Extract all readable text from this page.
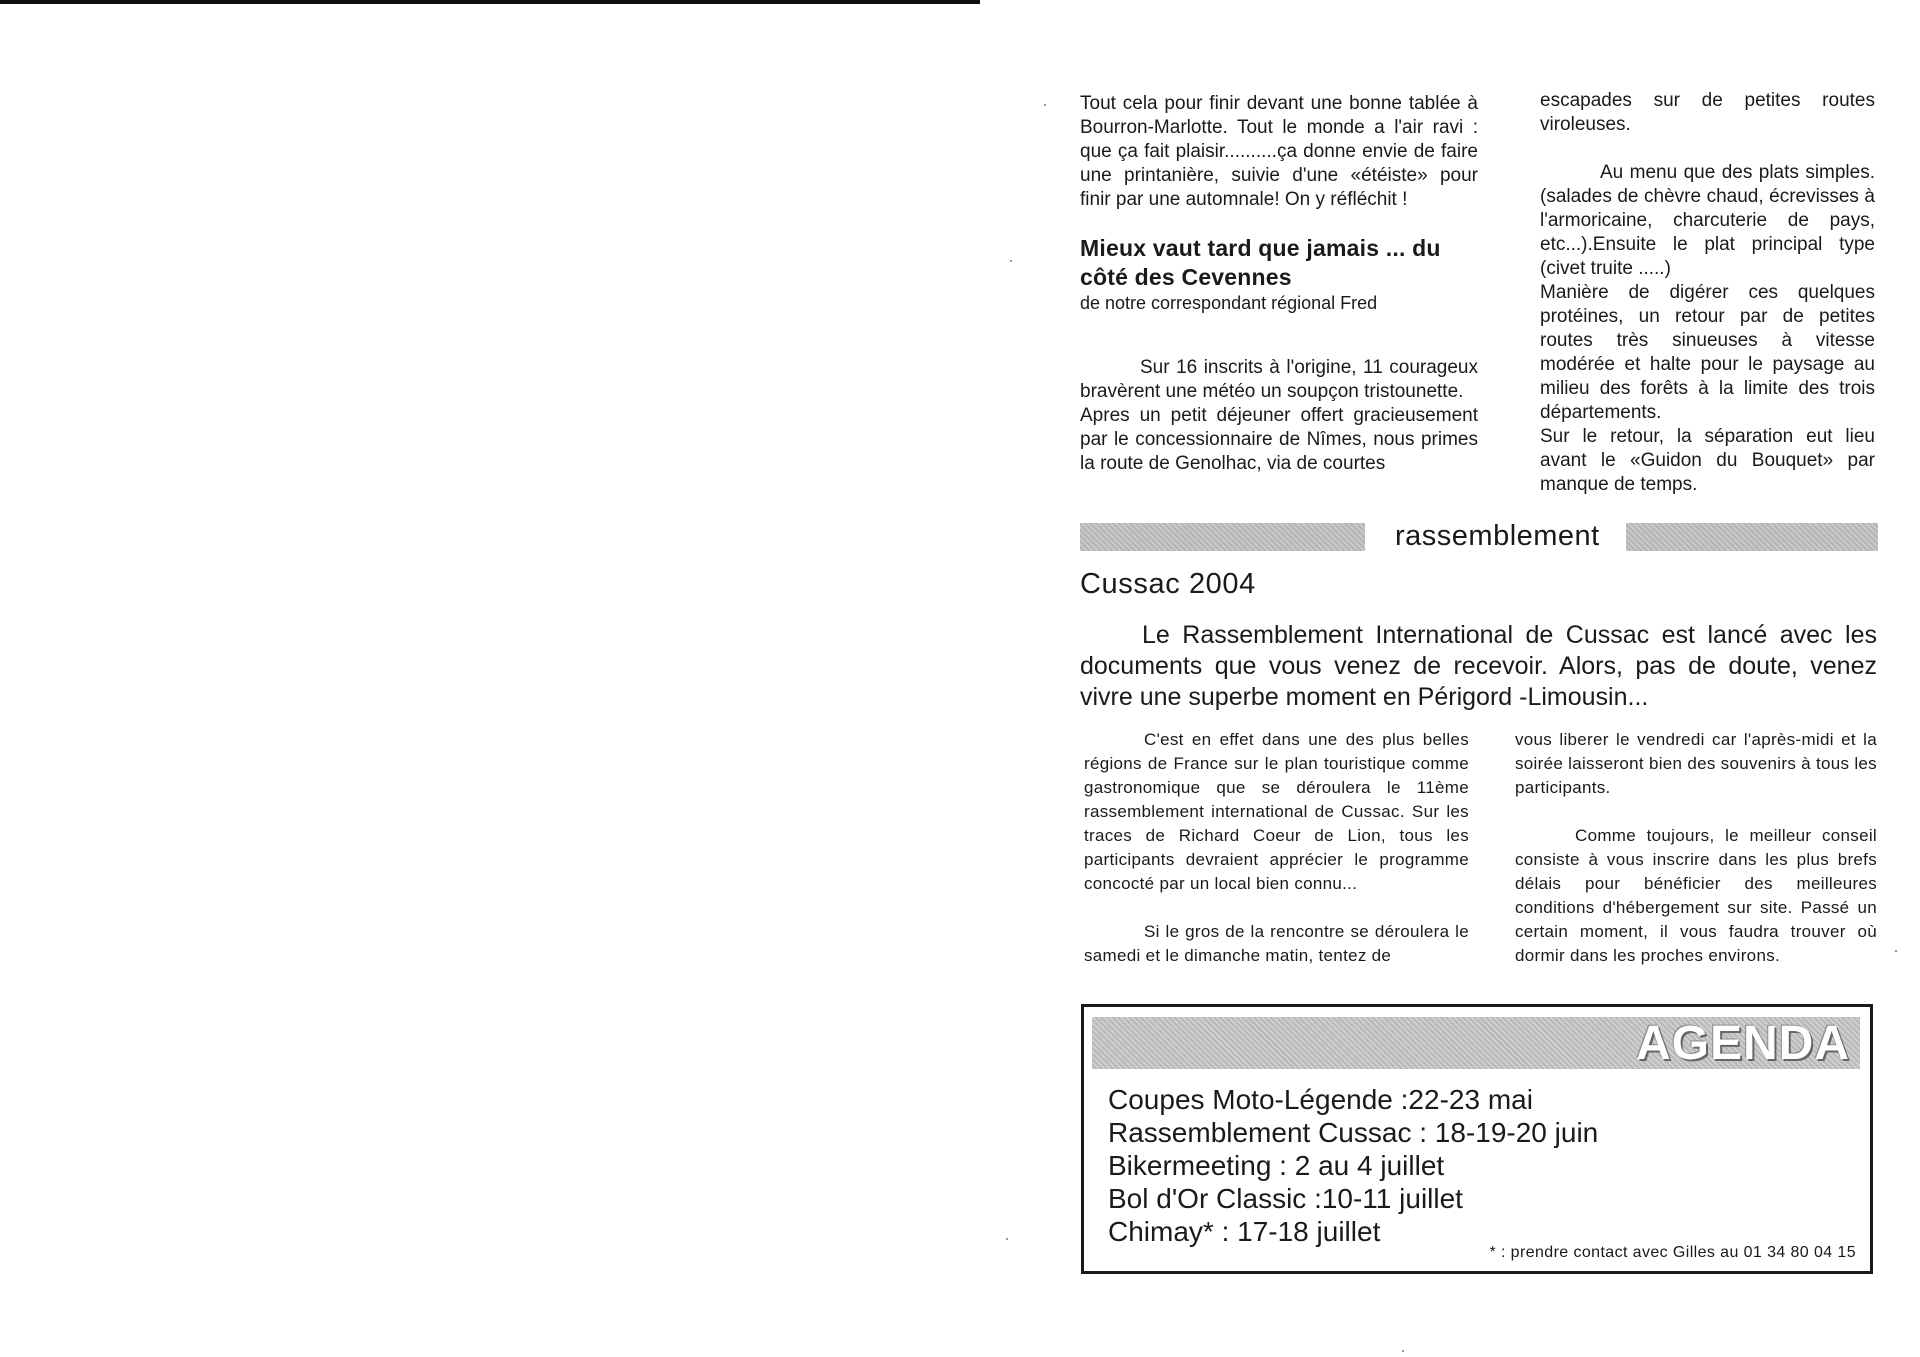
Tout cela pour finir devant une bonne tablée à Bourron-Marlotte. Tout le monde a l'air ravi : que ça fait plaisir..........ça donne envie de faire une printanière, suivie d'une «étéiste» pour finir par une automnale! On y réfléchit !

Mieux vaut tard que jamais ... du côté des Cevennes
de notre correspondant régional Fred

Sur 16 inscrits à l'origine, 11 courageux bravèrent une météo un soupçon tristounette.

Apres un petit déjeuner offert gracieusement par le concessionnaire de Nîmes, nous primes la route de Genolhac, via de courtes

escapades sur de petites routes viroleuses.

Au menu que des plats simples.(salades de chèvre chaud, écrevisses à l'armoricaine, charcuterie de pays, etc...).Ensuite le plat principal type (civet truite .....)

Manière de digérer ces quelques protéines, un retour par de petites routes très sinueuses à vitesse modérée et halte pour le paysage au milieu des forêts à la limite des trois départements.

Sur le retour, la séparation eut lieu avant le «Guidon du Bouquet» par manque de temps.

rassemblement
Cussac 2004

Le Rassemblement International de Cussac est lancé avec les documents que vous venez de recevoir. Alors, pas de doute, venez vivre une superbe moment en Périgord -Limousin...

C'est en effet dans une des plus belles régions de France sur le plan touristique comme gastronomique que se déroulera le 11ème rassemblement international de Cussac. Sur les traces de Richard Coeur de Lion, tous les participants devraient apprécier le programme concocté par un local bien connu...

Si le gros de la rencontre se déroulera le samedi et le dimanche matin, tentez de

vous liberer le vendredi car l'après-midi et la soirée laisseront bien des souvenirs à tous les participants.

Comme toujours, le meilleur conseil consiste à vous inscrire dans les plus brefs délais pour bénéficier des meilleures conditions d'hébergement sur site. Passé un certain moment, il vous faudra trouver où dormir dans les proches environs.

AGENDA
Coupes Moto-Légende :22-23 mai
Rassemblement Cussac : 18-19-20 juin
Bikermeeting : 2 au 4 juillet
Bol d'Or Classic :10-11 juillet
Chimay* : 17-18 juillet
* : prendre contact avec Gilles au 01 34 80 04 15
